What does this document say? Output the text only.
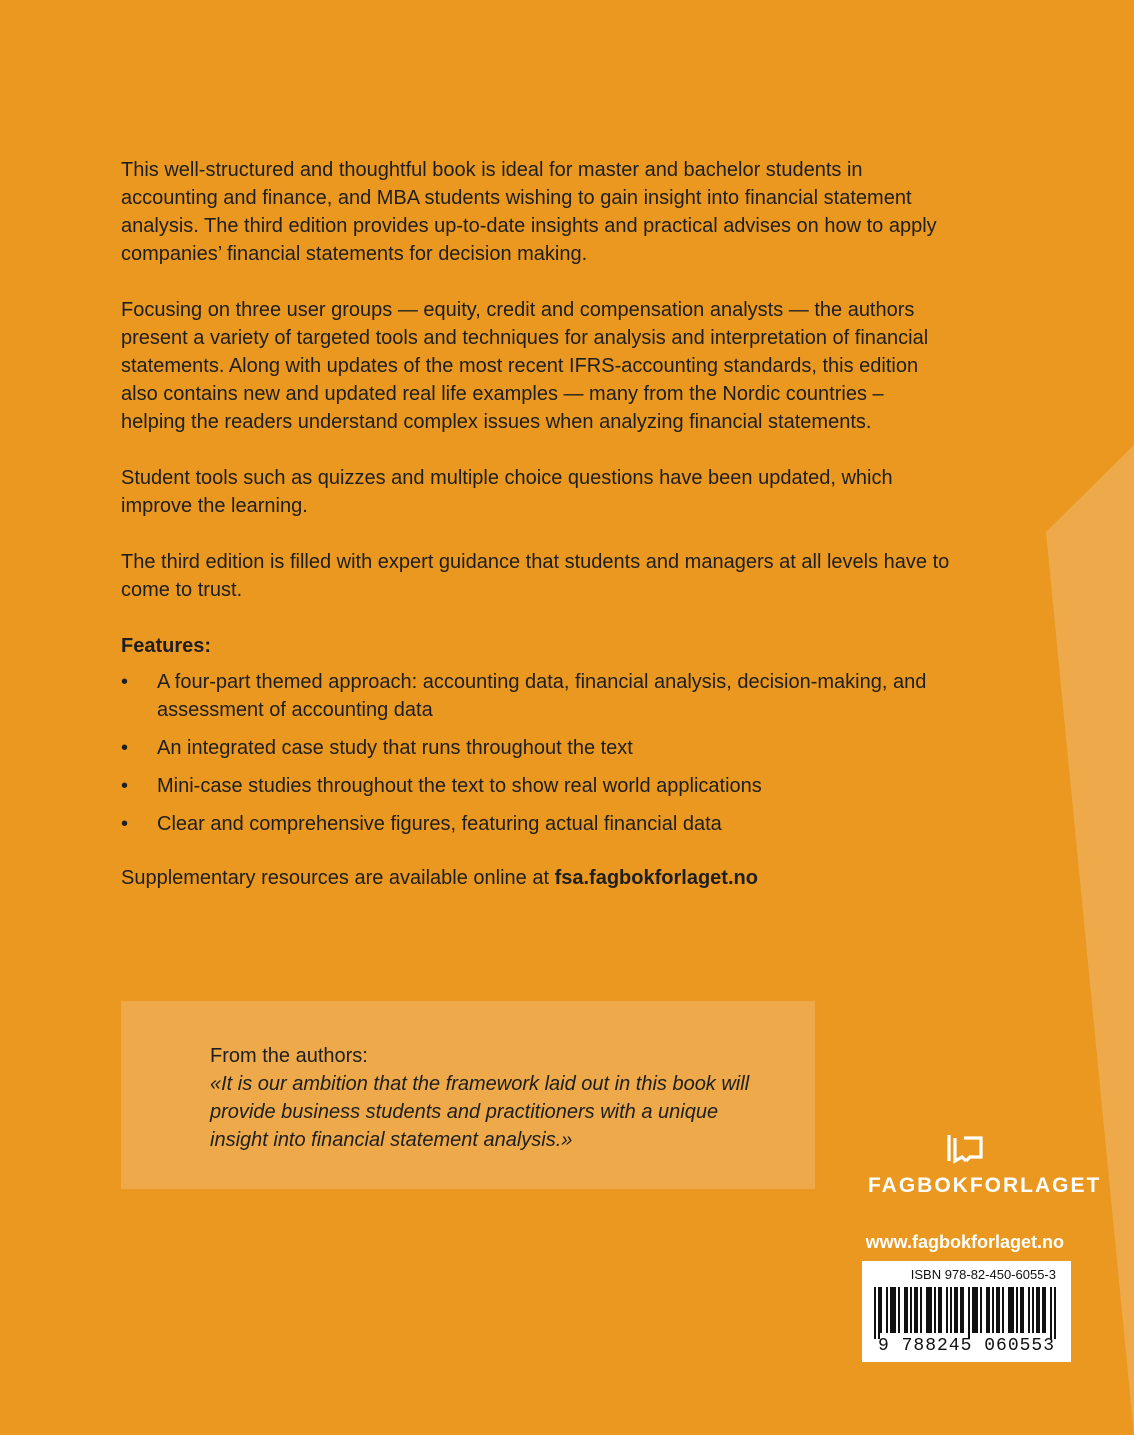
This well-structured and thoughtful book is ideal for master and bachelor students in accounting and finance, and MBA students wishing to gain insight into financial statement analysis. The third edition provides up-to-date insights and practical advises on how to apply companies’ financial statements for decision making.

Focusing on three user groups — equity, credit and compensation analysts — the authors present a variety of targeted tools and techniques for analysis and interpretation of financial statements. Along with updates of the most recent IFRS-accounting standards, this edition also contains new and updated real life examples — many from the Nordic countries – helping the readers understand complex issues when analyzing financial statements.

Student tools such as quizzes and multiple choice questions have been updated, which improve the learning.

The third edition is filled with expert guidance that students and managers at all levels have to come to trust.

Features:

• A four-part themed approach: accounting data, financial analysis, decision-making, and assessment of accounting data
• An integrated case study that runs throughout the text
• Mini-case studies throughout the text to show real world applications
• Clear and comprehensive figures, featuring actual financial data

Supplementary resources are available online at fsa.fagbokforlaget.no

From the authors:
«It is our ambition that the framework laid out in this book will provide business students and practitioners with a unique insight into financial statement analysis.»
FAGBOKFORLAGET
www.fagbokforlaget.no
ISBN 978-82-450-6055-3
9 788245 060553
